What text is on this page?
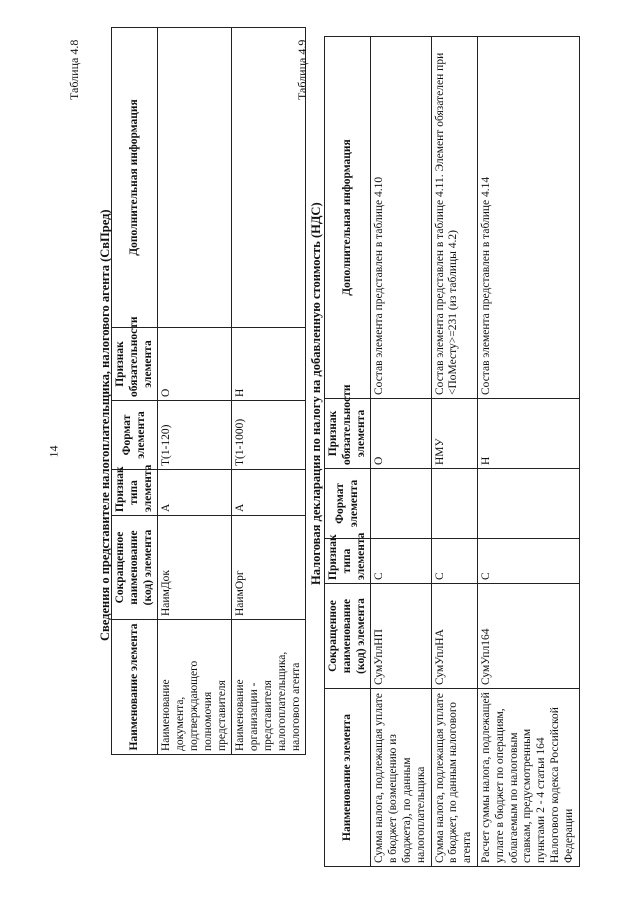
14
Таблица 4.8
Сведения о представителе налогоплательщика, налогового агента (СвПред)
Наименование элемента	Сокращенное наименование (код) элемента	Признак типа элемента	Формат элемента	Признак обязательности элемента	Дополнительная информация
Наименование документа, подтверждающего полномочия представителя	НаимДок	А	T(1-120)	О	
Наименование организации - представителя налогоплательщика, налогового агента	НаимОрг	А	T(1-1000)	Н	
Таблица 4.9
Налоговая декларация по налогу на добавленную стоимость (НДС)
Наименование элемента	Сокращенное наименование (код) элемента	Признак типа элемента	Формат элемента	Признак обязательности элемента	Дополнительная информация
Сумма налога, подлежащая уплате в бюджет (возмещению из бюджета), по данным налогоплательщика	СумУплНП	С		О	Состав элемента представлен в таблице 4.10
Сумма налога, подлежащая уплате в бюджет, по данным налогового агента	СумУплНА	С		НМУ	Состав элемента представлен в таблице 4.11. Элемент обязателен при <ПоМесту>=231 (из таблицы 4.2)
Расчет суммы налога, подлежащей уплате в бюджет по операциям, облагаемым по налоговым ставкам, предусмотренным пунктами 2 - 4 статьи 164 Налогового кодекса Российской Федерации	СумУпл164	С		Н	Состав элемента представлен в таблице 4.14
